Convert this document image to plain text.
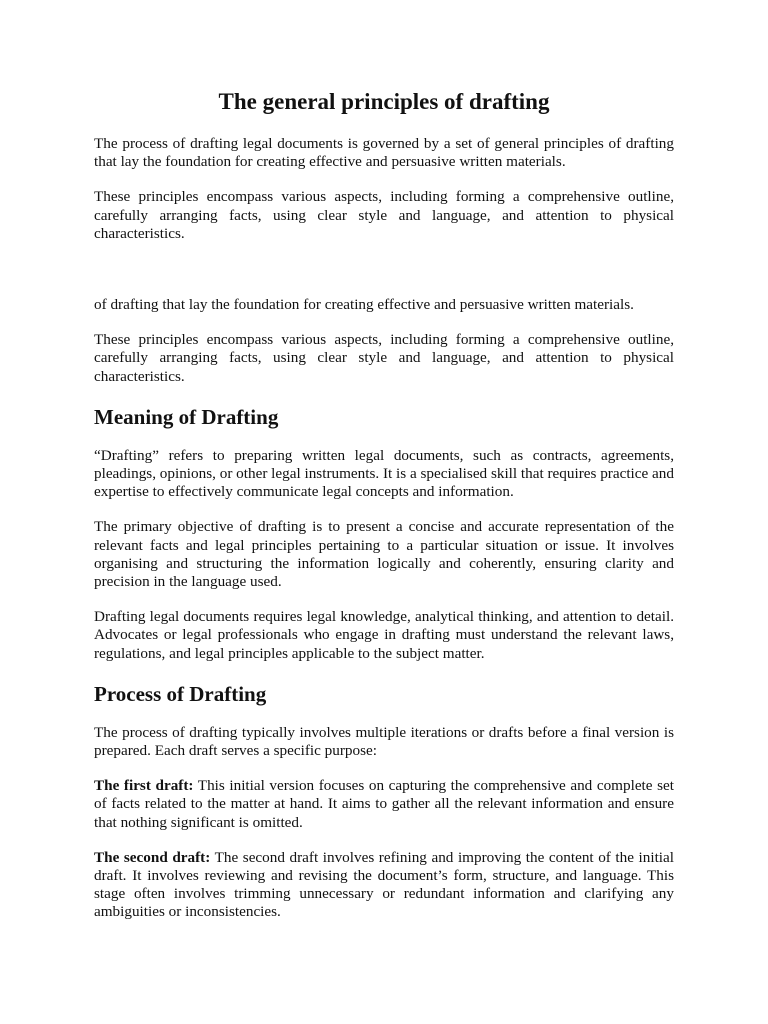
The general principles of drafting

The process of drafting legal documents is governed by a set of general principles of drafting that lay the foundation for creating effective and persuasive written materials.

These principles encompass various aspects, including forming a comprehensive outline, carefully arranging facts, using clear style and language, and attention to physical characteristics.

of drafting that lay the foundation for creating effective and persuasive written materials.

These principles encompass various aspects, including forming a comprehensive outline, carefully arranging facts, using clear style and language, and attention to physical characteristics.

Meaning of Drafting

“Drafting” refers to preparing written legal documents, such as contracts, agreements, pleadings, opinions, or other legal instruments. It is a specialised skill that requires practice and expertise to effectively communicate legal concepts and information.

The primary objective of drafting is to present a concise and accurate representation of the relevant facts and legal principles pertaining to a particular situation or issue. It involves organising and structuring the information logically and coherently, ensuring clarity and precision in the language used.

Drafting legal documents requires legal knowledge, analytical thinking, and attention to detail. Advocates or legal professionals who engage in drafting must understand the relevant laws, regulations, and legal principles applicable to the subject matter.

Process of Drafting

The process of drafting typically involves multiple iterations or drafts before a final version is prepared. Each draft serves a specific purpose:

The first draft: This initial version focuses on capturing the comprehensive and complete set of facts related to the matter at hand. It aims to gather all the relevant information and ensure that nothing significant is omitted.

The second draft: The second draft involves refining and improving the content of the initial draft. It involves reviewing and revising the document’s form, structure, and language. This stage often involves trimming unnecessary or redundant information and clarifying any ambiguities or inconsistencies.
